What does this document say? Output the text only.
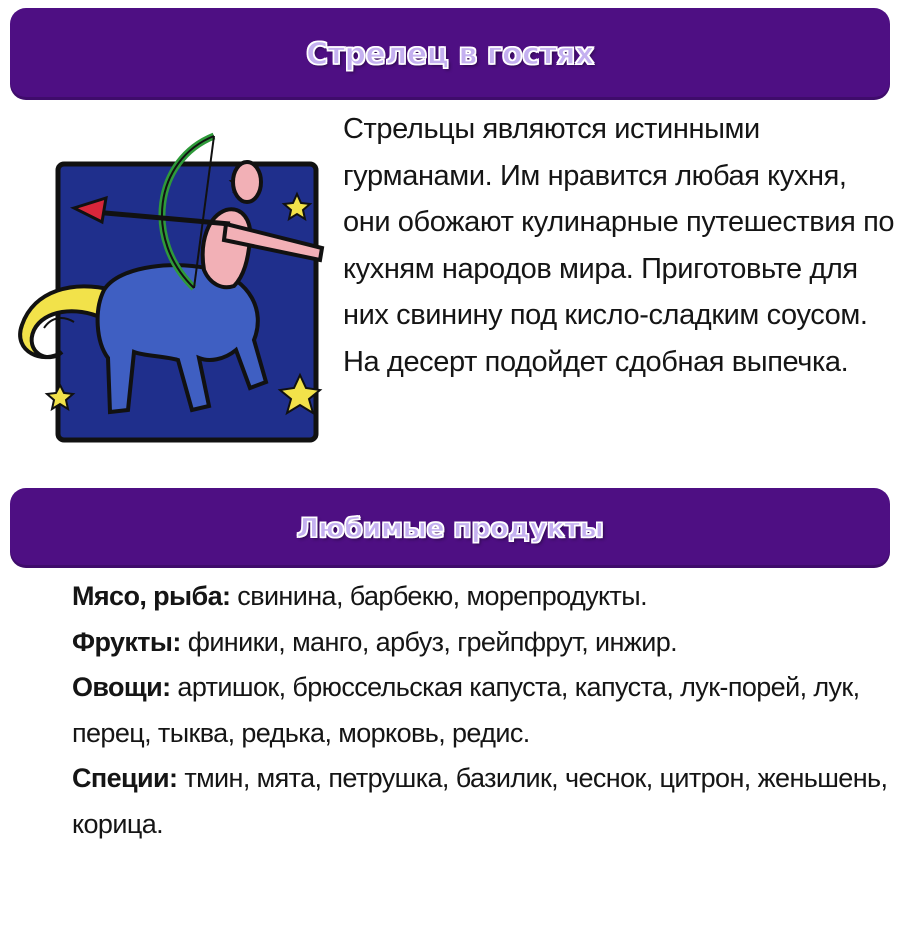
Стрелец в гостях

Стрельцы являются истинными гурманами. Им нравится любая кухня, они обожают кулинарные путешествия по кухням народов мира. Приготовьте для них свинину под кисло-сладким соусом. На десерт подойдет сдобная выпечка.

Любимые продукты

Мясо, рыба: свинина, барбекю, морепродукты.

Фрукты: финики, манго, арбуз, грейпфрут, инжир.

Овощи: артишок, брюссельская капуста, капуста, лук-порей, лук, перец, тыква, редька, морковь, редис.

Специи: тмин, мята, петрушка, базилик, чеснок, цитрон, женьшень, корица.
